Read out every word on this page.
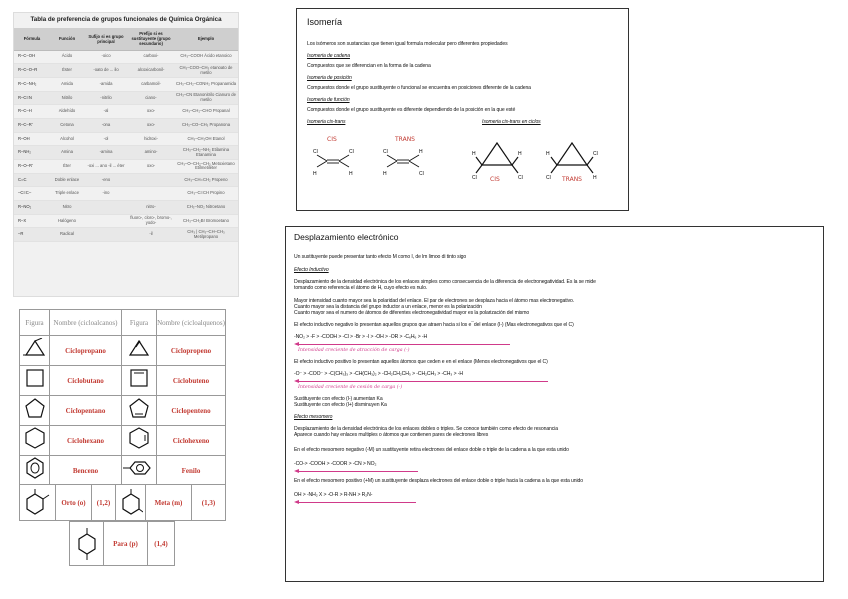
Tabla de preferencia de grupos funcionales de Química Orgánica
Fórmula	Función	Sufijo si es grupo principal	Prefijo si es sustituyente (grupo secundario)	Ejemplo
R–C–OH	Ácido	-oico	carboxi-	CH₃–COOH Ácido etanoico
R–C–O–R	Éster	-oato de ... ilo	alcoxicarbonil-	CH₃–COO–CH₃ etanoato de metilo
R–C–NH₂	Amida	-amida	carbamoil-	CH₃–CH₂–CONH₂ Propanamida
R–C≡N	Nitrilo	-nitrilo	ciano-	CH₃–CN Etanonitrilo Cianuro de metilo
R–C–H	Aldehído	-al	oxo-	CH₃–CH₂–CHO Propanal
R–C–R'	Cetona	-ona	oxo-	CH₃–CO–CH₃ Propanona
R–OH	Alcohol	-ol	hidroxi-	CH₃–CH₂OH Etanol
R–NH₂	Amina	-amina	amino-	CH₃–CH₂–NH₂ Etilamina Etanamina
R–O–R'	Éter	-oxi ... ano -il ... éter	oxo-	CH₃–O–CH₂–CH₃ Metoxietano Etilmetiléter
C=C	Doble enlace	-eno		CH₃–CH=CH₂ Propeno
–C≡C–	Triple enlace	-ino		CH₃–C≡CH Propino
R–NO₂	Nitro		nitro-	CH₃–NO₂ Nitroetano
R–X	Halógeno		fluoro-, cloro-, bromo-, yodo-	CH₃–CH₂Br Bromoetano
–R	Radical		-il	CH₃ | CH₃–CH–CH₃ Metilpropano
Figura	Nombre (cicloalcanos)	Figura	Nombre (cicloalquenos)
	Ciclopropano		Ciclopropeno
	Ciclobutano		Ciclobuteno
	Ciclopentano		Ciclopenteno
	Ciclohexano		Ciclohexeno
	Benceno		Fenilo
Orto (o)	(1,2)	Meta (m)	(1,3)
Para (p)	(1,4)
Isomería
Los isómeros son sustancias que tienen igual formula molecular pero diferentes propiedades
Isomeria de cadena
Compuestos que se diferencian en la forma de la cadena
Isomeria de posición
Compuestos donde el grupo sustituyente o funcional se encuentra en posiciones diferente de la cadena
Isomeria de función
Compuestos donde el grupo sustituyente es diferente dependiendo de la posición en la que esté
Isomeria cis-trans	Isomeria cis-trans en ciclos
CIS	TRANS
Cl
H
Cl
H
Cl
H
H
Cl
CIS	TRANS
H
Cl
H
Cl
H
Cl
Cl
H
Desplazamiento electrónico
Un sustituyente puede presentar tanto efecto M como I, de lm limoo di tinto sigo
Efecto Inductivo
Desplazamiento de la densidad electrónica de los enlaces simples como consecuencia de la diferencia de electronegatividad. Es la se mide
tomando como referencia el átomo de H, cuyo efecto es nulo.
Mayor intensidad cuanto mayor sea la polaridad del enlace. El par de electrones se desplaza hacia el átomo mas electronegativo.
Cuanto mayor sea la distancia del grupo inductor a un enlace, menor es la polarización
Cuanto mayor sea el numero de átomos de diferentes electronegatividad mayor es la polarización del mismo
El efecto inductivo negativo lo presentan aquellos grupos que atraen hacia si los e¯del enlace (I-) (Mas electronegativos que el C)
-NO₂ > -F > -COOH > -Cl > -Br > -I > -OH > -OR > -C₆H₆ > -H
Intensidad creciente de atracción de carga (-)
El efecto inductivo positivo lo presentan aquellos átomos que ceden e en el enlace (Menos electronegativos que el C)
-O⁻ > -COO⁻ > -C(CH₃)₃ > -CH(CH₃)₂ > -CH₂CH₂CH₃ > -CH₂CH₃ > -CH₃ > -H
Intensidad creciente de cesión de carga (-)
Sustituyente con efecto (I-) aumentan Ka
Sustituyente con efecto (I+) disminuyen Ka
Efecto mesomero
Desplazamiento de la densidad electrónica de los enlaces dobles o triples. Se conoce también como efecto de resonancia
Aparece cuando hay enlaces multiples o átomos que contienen pares de electrones libres
En el efecto mesomero negativo (-M) un sustituyente retira electrones del enlace doble o triple de la cadena a la que esta unido
-CO-> -COOH > -COOR > -CN > NO₂
En el efecto mesomero positivo (+M) un sustituyente desplaza electrones del enlace doble o triple hacia la cadena a la que esta unido
OH > -NH₂ X > -O-R > R-NH > R₂N-
